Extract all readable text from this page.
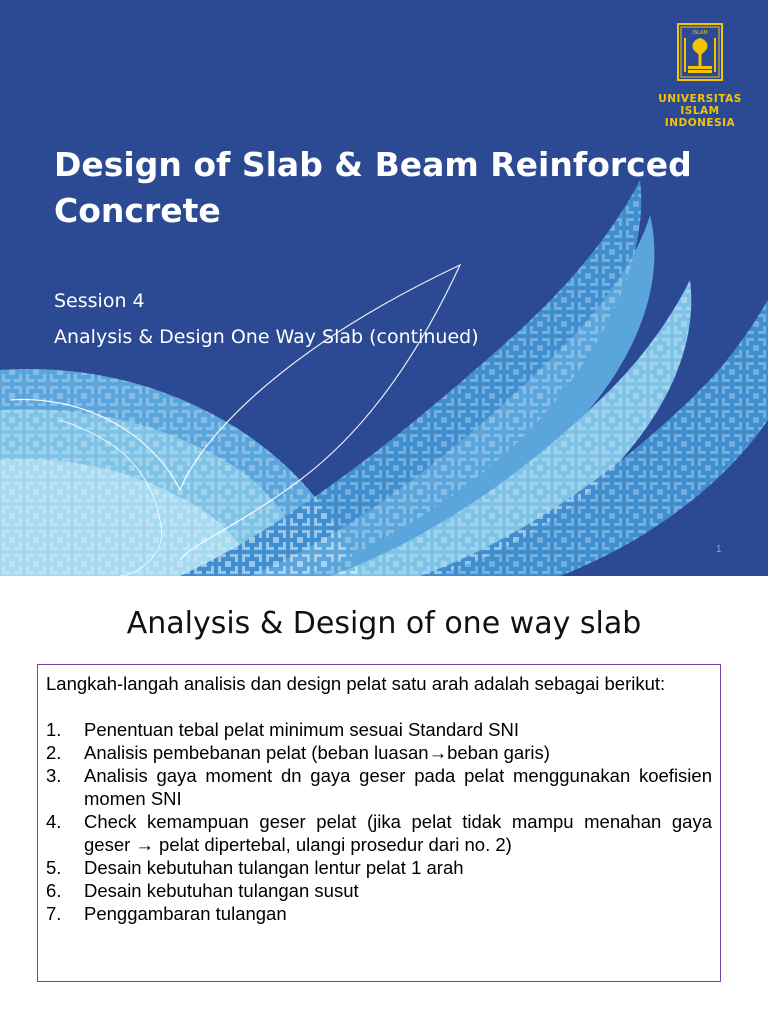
Design of Slab & Beam Reinforced Concrete
Session 4
Analysis & Design One Way Slab (continued)
ISLAM
UNIVERSITAS
ISLAM
INDONESIA
1
Analysis & Design of one way slab

Langkah-langah analisis dan design pelat satu arah adalah sebagai berikut:

1.	Penentuan tebal pelat minimum sesuai Standard SNI
2.	Analisis pembebanan pelat (beban luasan→beban garis)
3.	Analisis gaya moment dn gaya geser pada pelat menggunakan koefisien momen SNI
4.	Check kemampuan geser pelat (jika pelat tidak mampu menahan gaya geser → pelat dipertebal, ulangi prosedur dari no. 2)
5.	Desain kebutuhan tulangan lentur pelat 1 arah
6.	Desain kebutuhan tulangan susut
7.	Penggambaran tulangan
